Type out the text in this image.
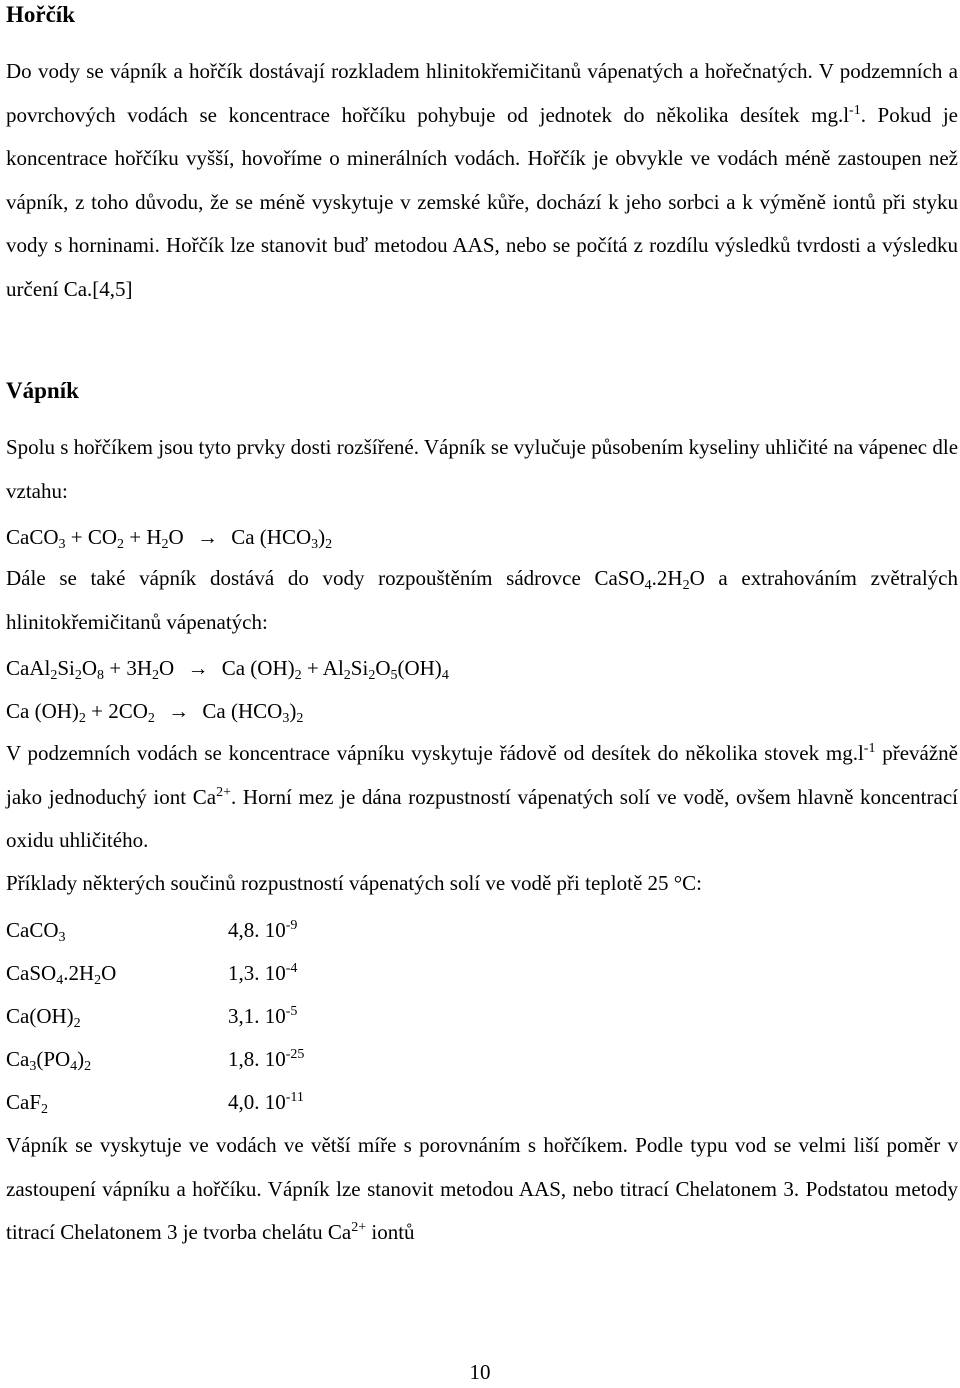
Hořčík

Do vody se vápník a hořčík dostávají rozkladem hlinitokřemičitanů vápenatých a hořečnatých. V podzemních a povrchových vodách se koncentrace hořčíku pohybuje od jednotek do několika desítek $mg.l^{-1}$. Pokud je koncentrace hořčíku vyšší, hovoříme o minerálních vodách. Hořčík je obvykle ve vodách méně zastoupen než vápník, z toho důvodu, že se méně vyskytuje v zemské kůře, dochází k jeho sorbci a k výměně iontů při styku vody s horninami. Hořčík lze stanovit buď metodou AAS, nebo se počítá z rozdílu výsledků tvrdosti a výsledku určení Ca.[4,5]

Vápník

Spolu s hořčíkem jsou tyto prvky dosti rozšířené. Vápník se vylučuje působením kyseliny uhličité na vápenec dle vztahu:

CaCO$_3$ + $CO_2 + H_2O \to Ca$ $(HCO_3)_2$

Dále se také vápník dostává do vody rozpouštěním sádrovce $CaSO_4.2H_2O$ a extrahováním zvětralých hlinitokřemičitanů vápenatých:

$CaAl_2Si_2O_8 + 3H_2O \to Ca$ $(OH)_2 + Al_2Si_2O_5(OH)_4$
Ca $(OH)_2 + 2CO_2 \to Ca$ $(HCO_3)_2$

V podzemních vodách se koncentrace vápníku vyskytuje řádově od desítek do několika stovek $mg.l^{-1}$ převážně jako jednoduchý iont $Ca^{2+}$. Horní mez je dána rozpustností vápenatých solí ve vodě, ovšem hlavně koncentrací oxidu uhličitého.

Příklady některých součinů rozpustností vápenatých solí ve vodě při teplotě 25 °C:

CaCO$_3$	4,8. $10^{-9}$
$CaSO_4.2H_2O$	1,3. $10^{-4}$
$Ca(OH)_2$	3,1. $10^{-5}$
$Ca_3(PO_4)_2$	1,8. $10^{-25}$
CaF$_2$	4,0. $10^{-11}$

Vápník se vyskytuje ve vodách ve větší míře s porovnáním s hořčíkem. Podle typu vod se velmi liší poměr v zastoupení vápníku a hořčíku. Vápník lze stanovit metodou AAS, nebo titrací Chelatonem 3. Podstatou metody titrací Chelatonem 3 je tvorba chelátu $Ca^{2+}$ iontů

10
